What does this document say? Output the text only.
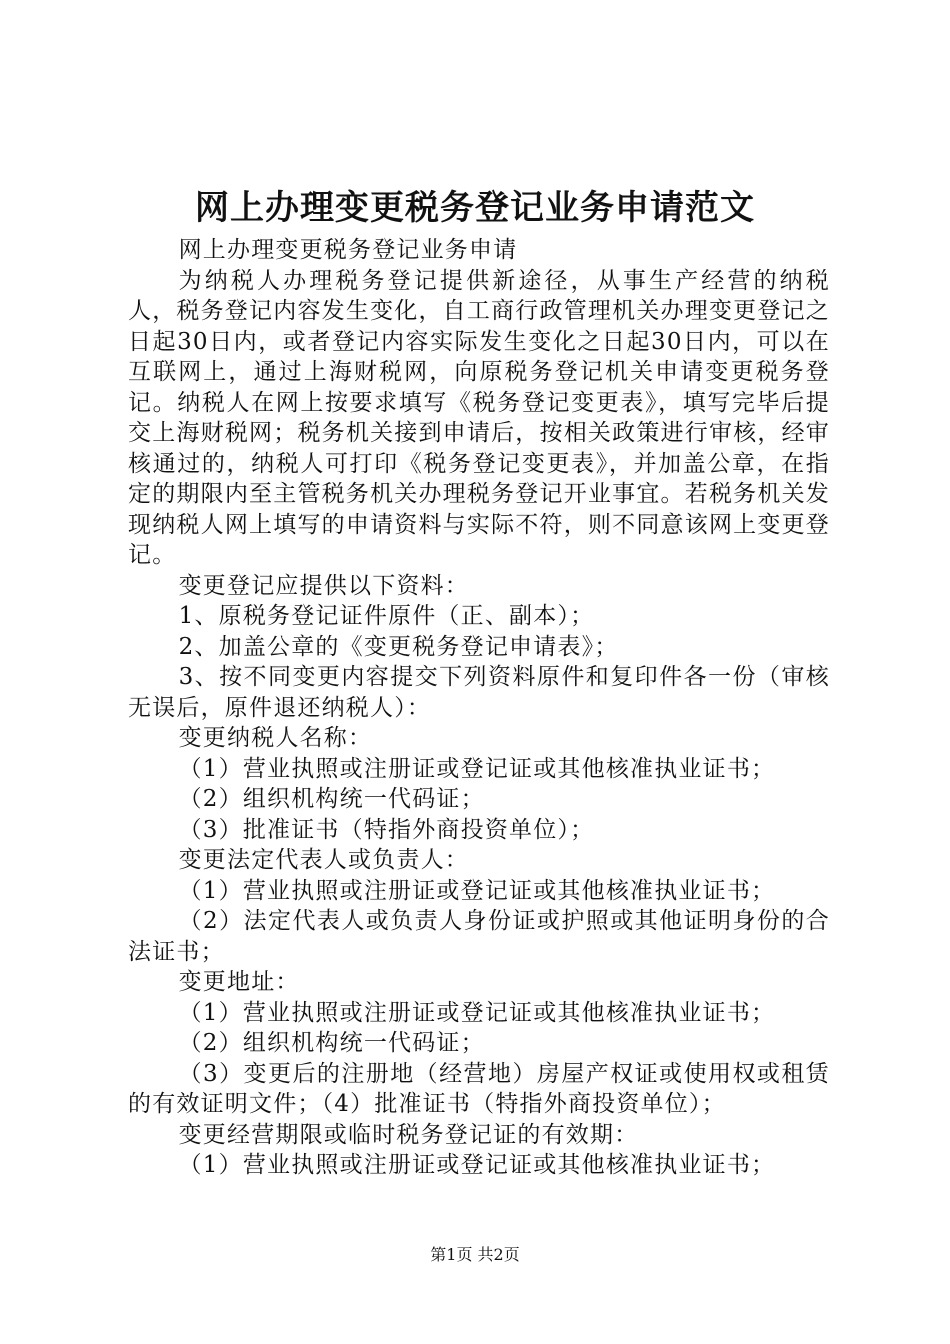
网上办理变更税务登记业务申请范文

网上办理变更税务登记业务申请

为纳税人办理税务登记提供新途径，从事生产经营的纳税人，税务登记内容发生变化，自工商行政管理机关办理变更登记之日起30日内，或者登记内容实际发生变化之日起30日内，可以在互联网上，通过上海财税网，向原税务登记机关申请变更税务登记。纳税人在网上按要求填写《税务登记变更表》，填写完毕后提交上海财税网；税务机关接到申请后，按相关政策进行审核，经审核通过的，纳税人可打印《税务登记变更表》，并加盖公章，在指定的期限内至主管税务机关办理税务登记开业事宜。若税务机关发现纳税人网上填写的申请资料与实际不符，则不同意该网上变更登记。

变更登记应提供以下资料：

1、原税务登记证件原件（正、副本）；

2、加盖公章的《变更税务登记申请表》；

3、按不同变更内容提交下列资料原件和复印件各一份（审核无误后，原件退还纳税人）：

变更纳税人名称：

（1）营业执照或注册证或登记证或其他核准执业证书；

（2）组织机构统一代码证；

（3）批准证书（特指外商投资单位）；

变更法定代表人或负责人：

（1）营业执照或注册证或登记证或其他核准执业证书；

（2）法定代表人或负责人身份证或护照或其他证明身份的合法证书；

变更地址：

（1）营业执照或注册证或登记证或其他核准执业证书；

（2）组织机构统一代码证；

（3）变更后的注册地（经营地）房屋产权证或使用权或租赁的有效证明文件；（4）批准证书（特指外商投资单位）；

变更经营期限或临时税务登记证的有效期：

（1）营业执照或注册证或登记证或其他核准执业证书；

第1页 共2页
